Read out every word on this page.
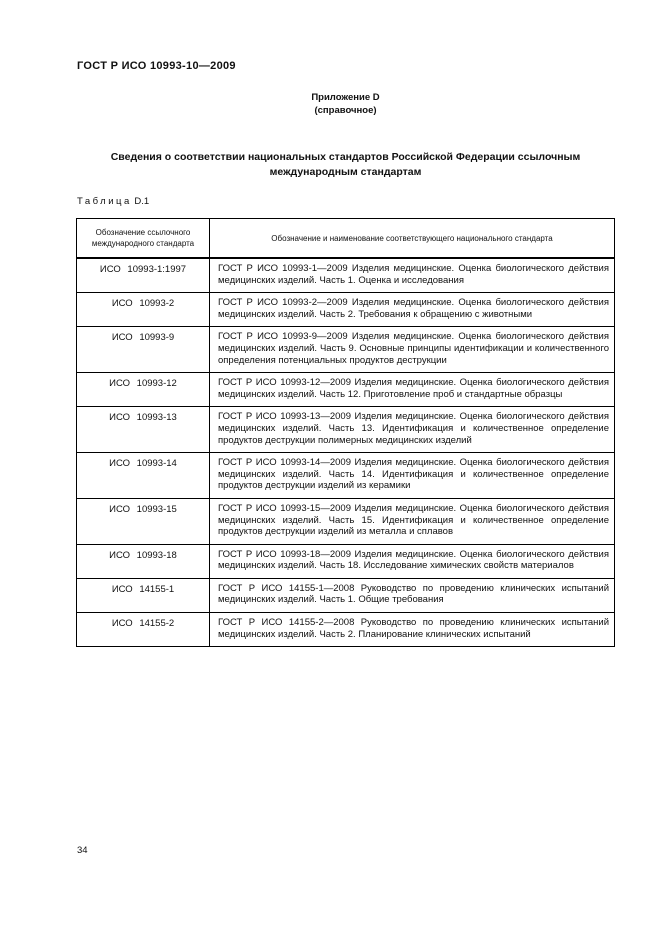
ГОСТ Р ИСО 10993-10—2009
Приложение D
(справочное)
Сведения о соответствии национальных стандартов Российской Федерации ссылочным международным стандартам
Таблица D.1
Обозначение ссылочного международного стандарта	Обозначение и наименование соответствующего национального стандарта
ИСО 10993-1:1997	ГОСТ Р ИСО 10993-1—2009 Изделия медицинские. Оценка биологического действия медицинских изделий. Часть 1. Оценка и исследования
ИСО 10993-2	ГОСТ Р ИСО 10993-2—2009 Изделия медицинские. Оценка биологического действия медицинских изделий. Часть 2. Требования к обращению с животными
ИСО 10993-9	ГОСТ Р ИСО 10993-9—2009 Изделия медицинские. Оценка биологического действия медицинских изделий. Часть 9. Основные принципы идентификации и количественного определения потенциальных продуктов деструкции
ИСО 10993-12	ГОСТ Р ИСО 10993-12—2009 Изделия медицинские. Оценка биологического действия медицинских изделий. Часть 12. Приготовление проб и стандартные образцы
ИСО 10993-13	ГОСТ Р ИСО 10993-13—2009 Изделия медицинские. Оценка биологического действия медицинских изделий. Часть 13. Идентификация и количественное определение продуктов деструкции полимерных медицинских изделий
ИСО 10993-14	ГОСТ Р ИСО 10993-14—2009 Изделия медицинские. Оценка биологического действия медицинских изделий. Часть 14. Идентификация и количественное определение продуктов деструкции изделий из керамики
ИСО 10993-15	ГОСТ Р ИСО 10993-15—2009 Изделия медицинские. Оценка биологического действия медицинских изделий. Часть 15. Идентификация и количественное определение продуктов деструкции изделий из металла и сплавов
ИСО 10993-18	ГОСТ Р ИСО 10993-18—2009 Изделия медицинские. Оценка биологического действия медицинских изделий. Часть 18. Исследование химических свойств материалов
ИСО 14155-1	ГОСТ Р ИСО 14155-1—2008 Руководство по проведению клинических испытаний медицинских изделий. Часть 1. Общие требования
ИСО 14155-2	ГОСТ Р ИСО 14155-2—2008 Руководство по проведению клинических испытаний медицинских изделий. Часть 2. Планирование клинических испытаний
34
